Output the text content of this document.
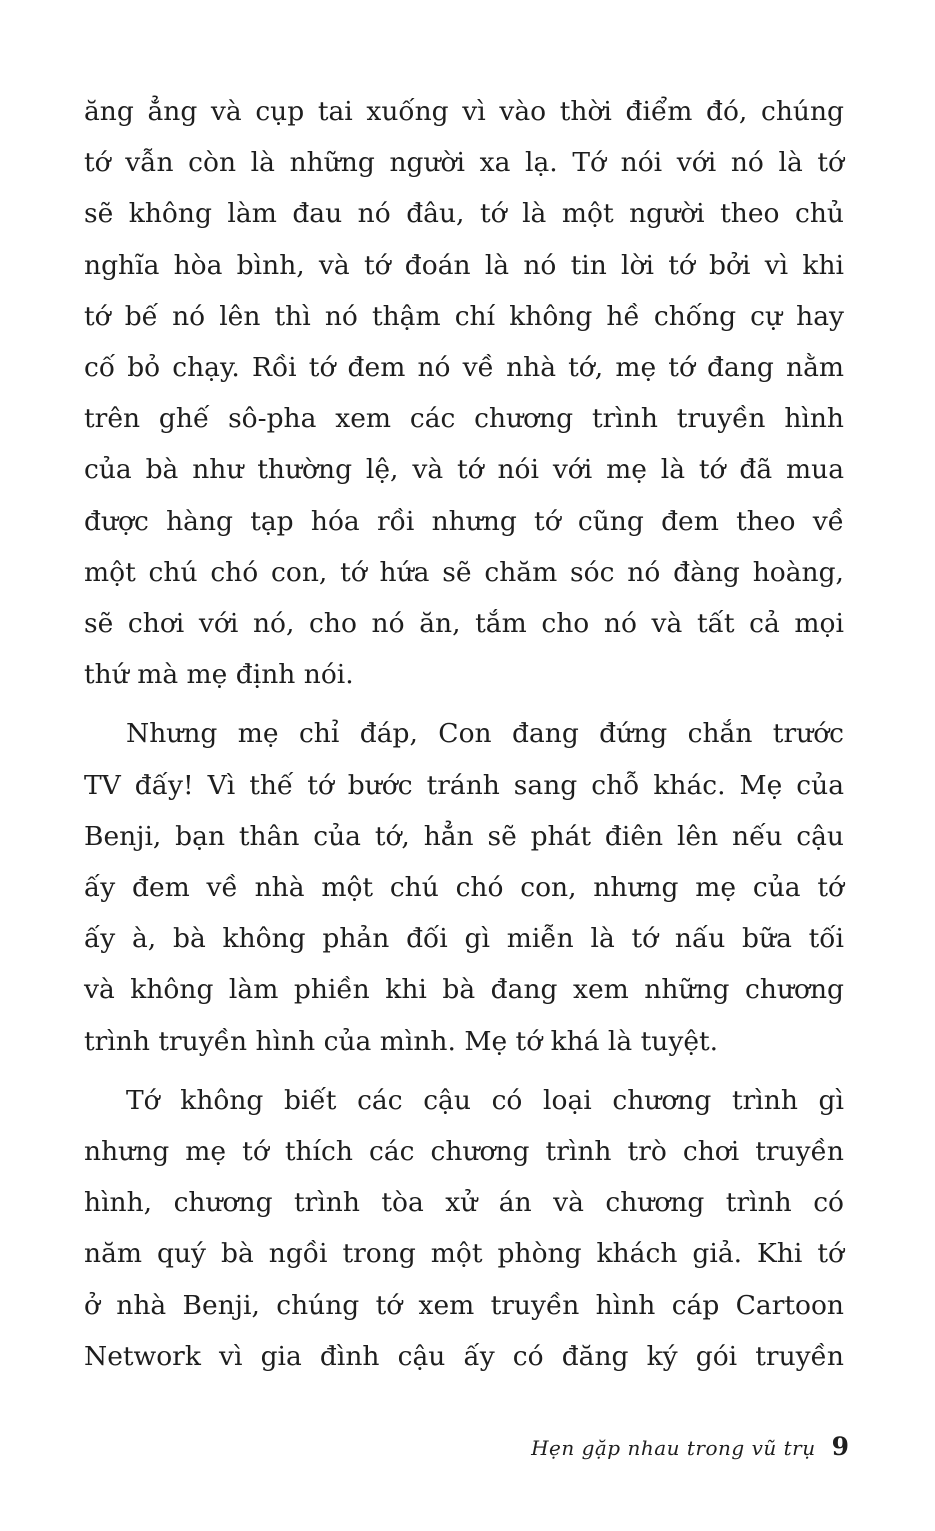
ăng ẳng và cụp tai xuống vì vào thời điểm đó, chúng
tớ vẫn còn là những người xa lạ. Tớ nói với nó là tớ
sẽ không làm đau nó đâu, tớ là một người theo chủ
nghĩa hòa bình, và tớ đoán là nó tin lời tớ bởi vì khi
tớ bế nó lên thì nó thậm chí không hề chống cự hay
cố bỏ chạy. Rồi tớ đem nó về nhà tớ, mẹ tớ đang nằm
trên ghế sô-pha xem các chương trình truyền hình
của bà như thường lệ, và tớ nói với mẹ là tớ đã mua
được hàng tạp hóa rồi nhưng tớ cũng đem theo về
một chú chó con, tớ hứa sẽ chăm sóc nó đàng hoàng,
sẽ chơi với nó, cho nó ăn, tắm cho nó và tất cả mọi
thứ mà mẹ định nói.

Nhưng mẹ chỉ đáp, Con đang đứng chắn trước
TV đấy! Vì thế tớ bước tránh sang chỗ khác. Mẹ của
Benji, bạn thân của tớ, hẳn sẽ phát điên lên nếu cậu
ấy đem về nhà một chú chó con, nhưng mẹ của tớ
ấy à, bà không phản đối gì miễn là tớ nấu bữa tối
và không làm phiền khi bà đang xem những chương
trình truyền hình của mình. Mẹ tớ khá là tuyệt.

Tớ không biết các cậu có loại chương trình gì
nhưng mẹ tớ thích các chương trình trò chơi truyền
hình, chương trình tòa xử án và chương trình có
năm quý bà ngồi trong một phòng khách giả. Khi tớ
ở nhà Benji, chúng tớ xem truyền hình cáp Cartoon
Network vì gia đình cậu ấy có đăng ký gói truyền

Hẹn gặp nhau trong vũ trụ 9
